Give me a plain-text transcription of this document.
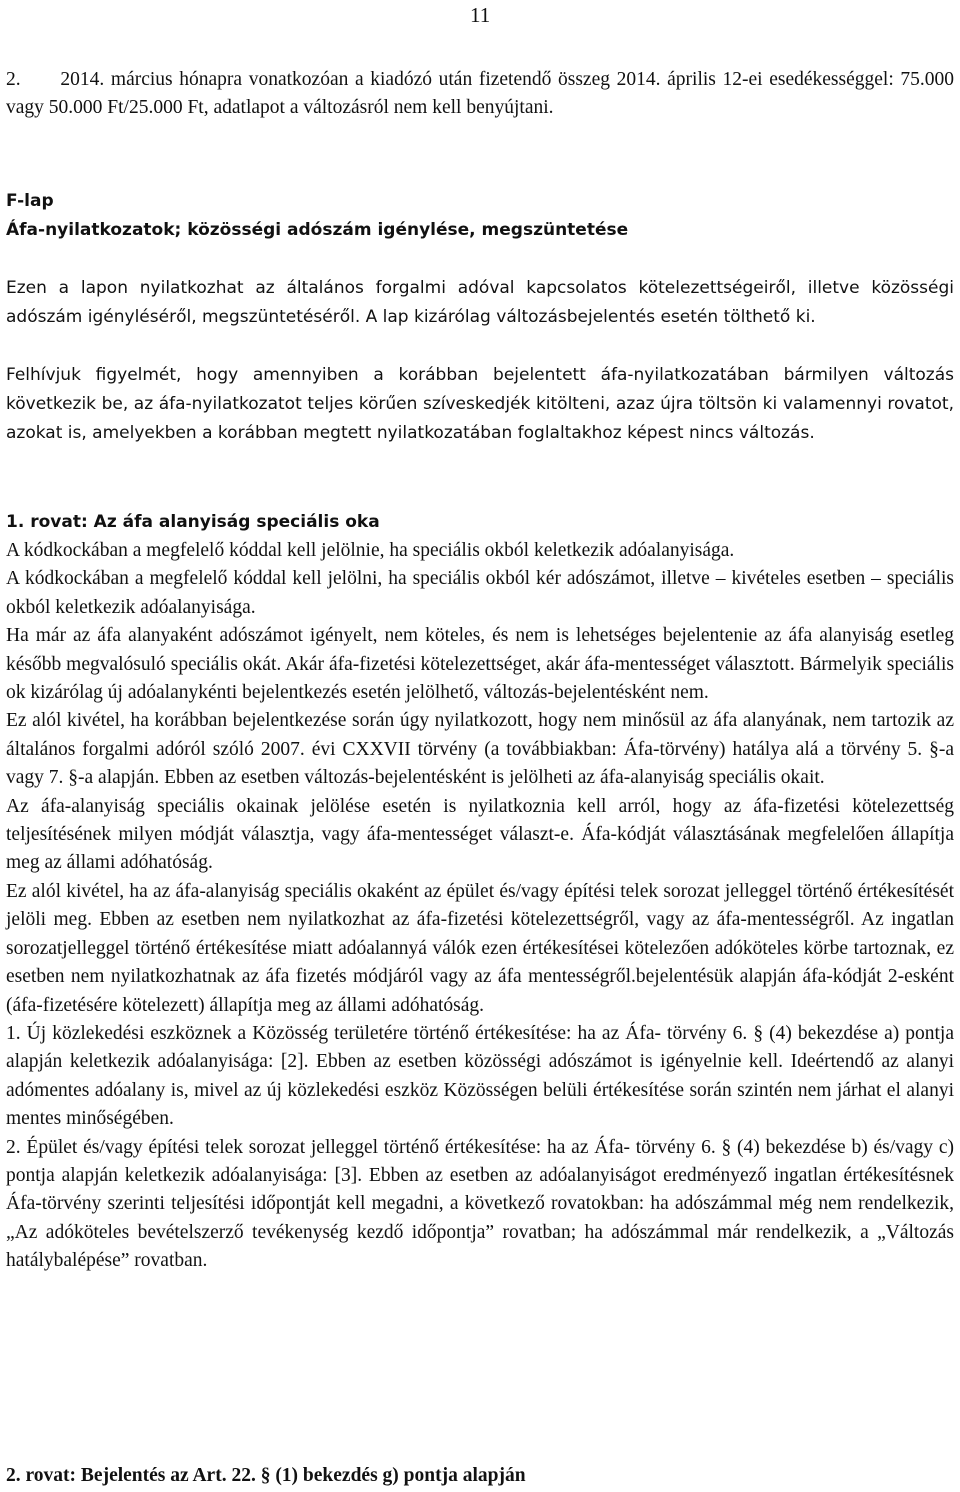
11

2.      2014. március hónapra vonatkozóan a kiadózó után fizetendő összeg 2014. április 12-ei esedékességgel: 75.000 vagy 50.000 Ft/25.000 Ft, adatlapot a változásról nem kell benyújtani.

F-lap
Áfa-nyilatkozatok; közösségi adószám igénylése, megszüntetése

Ezen a lapon nyilatkozhat az általános forgalmi adóval kapcsolatos kötelezettségeiről, illetve közösségi adószám igényléséről, megszüntetéséről. A lap kizárólag változásbejelentés esetén tölthető ki.

Felhívjuk figyelmét, hogy amennyiben a korábban bejelentett áfa-nyilatkozatában bármilyen változás következik be, az áfa-nyilatkozatot teljes körűen szíveskedjék kitölteni, azaz újra töltsön ki valamennyi rovatot, azokat is, amelyekben a korábban megtett nyilatkozatában foglaltakhoz képest nincs változás.

1. rovat: Az áfa alanyiság speciális oka

A kódkockában a megfelelő kóddal kell jelölnie, ha speciális okból keletkezik adóalanyisága.

A kódkockában a megfelelő kóddal kell jelölni, ha speciális okból kér adószámot, illetve – kivételes esetben – speciális okból keletkezik adóalanyisága.

Ha már az áfa alanyaként adószámot igényelt, nem köteles, és nem is lehetséges bejelentenie az áfa alanyiság esetleg később megvalósuló speciális okát. Akár áfa-fizetési kötelezettséget, akár áfa-mentességet választott. Bármelyik speciális ok kizárólag új adóalanykénti bejelentkezés esetén jelölhető, változás-bejelentésként nem.

Ez alól kivétel, ha korábban bejelentkezése során úgy nyilatkozott, hogy nem minősül az áfa alanyának, nem tartozik az általános forgalmi adóról szóló 2007. évi CXXVII törvény (a továbbiakban: Áfa-törvény) hatálya alá a törvény 5. §-a vagy 7. §-a alapján. Ebben az esetben változás-bejelentésként is jelölheti az áfa-alanyiság speciális okait.

Az áfa-alanyiság speciális okainak jelölése esetén is nyilatkoznia kell arról, hogy az áfa-fizetési kötelezettség teljesítésének milyen módját választja, vagy áfa-mentességet választ-e. Áfa-kódját választásának megfelelően állapítja meg az állami adóhatóság.

Ez alól kivétel, ha az áfa-alanyiság speciális okaként az épület és/vagy építési telek sorozat jelleggel történő értékesítését jelöli meg. Ebben az esetben nem nyilatkozhat az áfa-fizetési kötelezettségről, vagy az áfa-mentességről. Az ingatlan sorozatjelleggel történő értékesítése miatt adóalannyá válók ezen értékesítései kötelezően adóköteles körbe tartoznak, ez esetben nem nyilatkozhatnak az áfa fizetés módjáról vagy az áfa mentességről.bejelentésük alapján áfa-kódját 2-esként (áfa-fizetésére kötelezett) állapítja meg az állami adóhatóság.

1. Új közlekedési eszköznek a Közösség területére történő értékesítése: ha az Áfa- törvény 6. § (4) bekezdése a) pontja alapján keletkezik adóalanyisága: [2]. Ebben az esetben közösségi adószámot is igényelnie kell. Ideértendő az alanyi adómentes adóalany is, mivel az új közlekedési eszköz Közösségen belüli értékesítése során szintén nem járhat el alanyi mentes minőségében.

2. Épület és/vagy építési telek sorozat jelleggel történő értékesítése: ha az Áfa- törvény 6. § (4) bekezdése b) és/vagy c) pontja alapján keletkezik adóalanyisága: [3]. Ebben az esetben az adóalanyiságot eredményező ingatlan értékesítésnek Áfa-törvény szerinti teljesítési időpontját kell megadni, a következő rovatokban: ha adószámmal még nem rendelkezik, „Az adóköteles bevételszerző tevékenység kezdő időpontja” rovatban; ha adószámmal már rendelkezik, a „Változás hatálybalépése” rovatban.

2. rovat: Bejelentés az Art. 22. § (1) bekezdés g) pontja alapján
